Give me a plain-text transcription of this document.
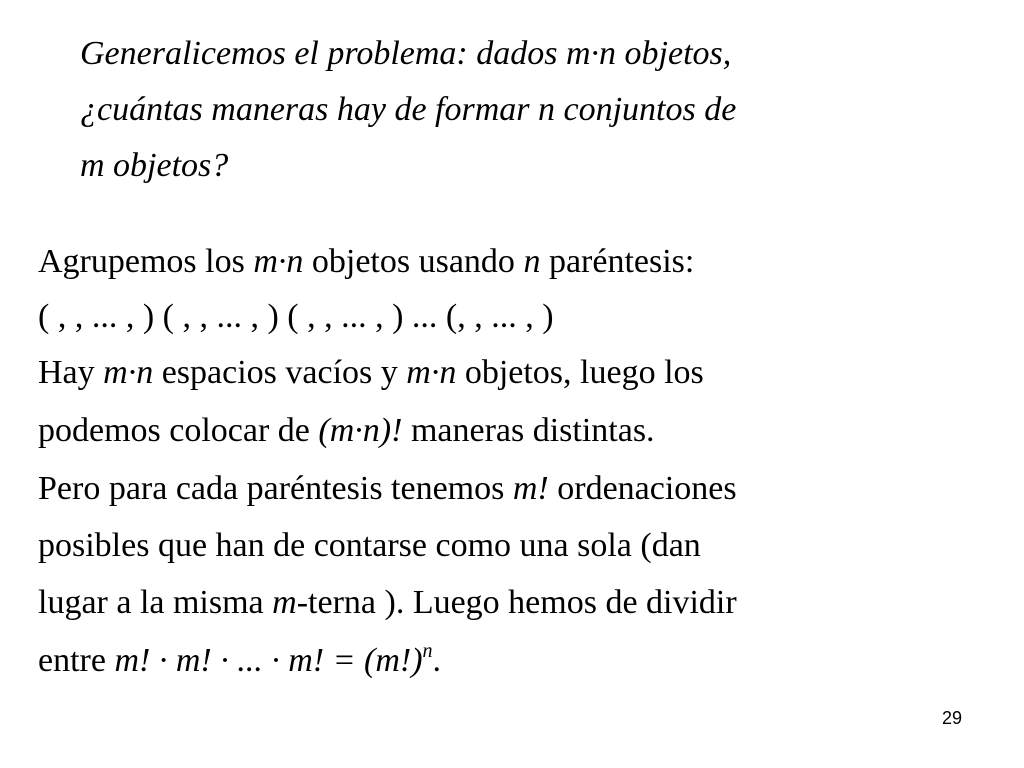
Generalicemos el problema: dados m·n objetos,
¿cuántas maneras hay de formar n conjuntos de
m objetos?
Agrupemos los m·n objetos usando n paréntesis:
( , , ... , ) ( , , ... , ) ( , , ... , ) ... (, , ... , )
Hay m·n espacios vacíos y m·n objetos, luego los
podemos colocar de (m·n)! maneras distintas.
Pero para cada paréntesis tenemos m! ordenaciones
posibles que han de contarse como una sola (dan
lugar a la misma m-terna ). Luego hemos de dividir
entre m! · m! · ... · m! = $(m!)^n$.
29
